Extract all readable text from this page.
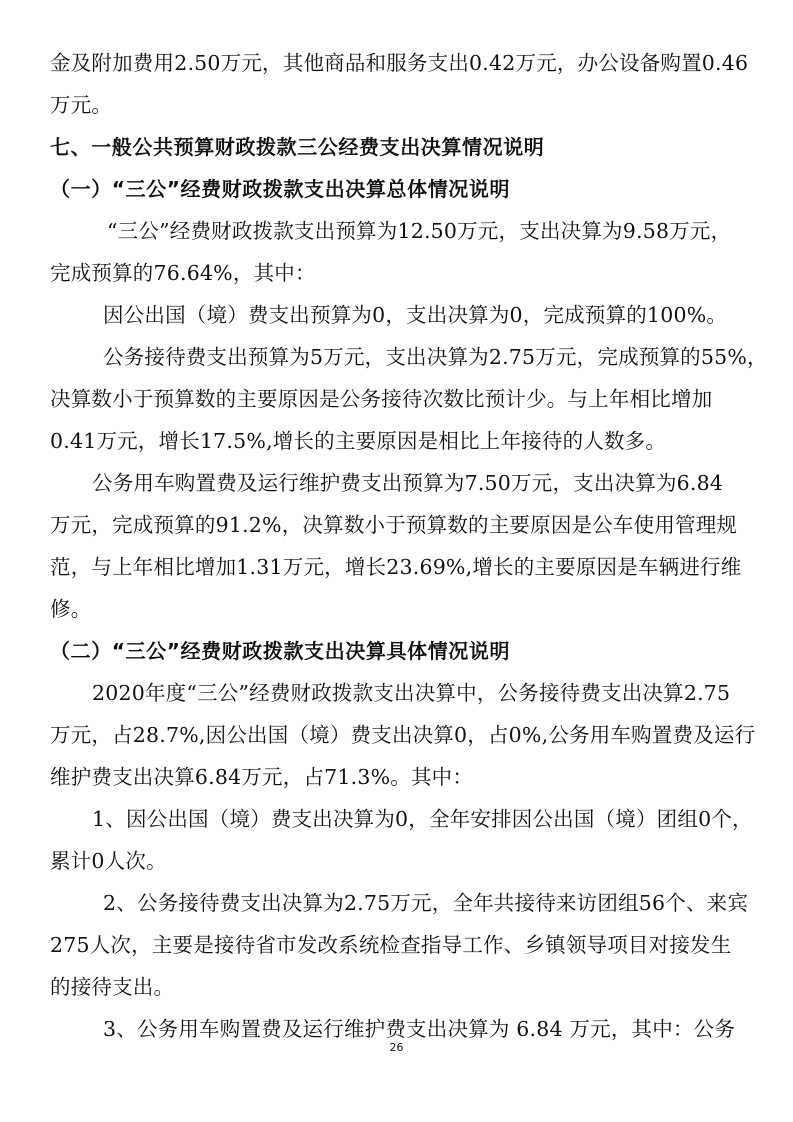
金及附加费用2.50万元，其他商品和服务支出0.42万元，办公设备购置0.46
万元。
七、一般公共预算财政拨款三公经费支出决算情况说明
（一）“三公”经费财政拨款支出决算总体情况说明
“三公”经费财政拨款支出预算为12.50万元，支出决算为9.58万元，
完成预算的76.64%，其中：
因公出国（境）费支出预算为0，支出决算为0，完成预算的100%。
公务接待费支出预算为5万元，支出决算为2.75万元，完成预算的55%，
决算数小于预算数的主要原因是公务接待次数比预计少。与上年相比增加
0.41万元，增长17.5%,增长的主要原因是相比上年接待的人数多。
公务用车购置费及运行维护费支出预算为7.50万元，支出决算为6.84
万元，完成预算的91.2%，决算数小于预算数的主要原因是公车使用管理规
范，与上年相比增加1.31万元，增长23.69%,增长的主要原因是车辆进行维
修。
（二）“三公”经费财政拨款支出决算具体情况说明
2020年度“三公”经费财政拨款支出决算中，公务接待费支出决算2.75
万元，占28.7%,因公出国（境）费支出决算0，占0%,公务用车购置费及运行
维护费支出决算6.84万元，占71.3%。其中：
1、因公出国（境）费支出决算为0，全年安排因公出国（境）团组0个，
累计0人次。
2、公务接待费支出决算为2.75万元，全年共接待来访团组56个、来宾
275人次，主要是接待省市发改系统检查指导工作、乡镇领导项目对接发生
的接待支出。
3、公务用车购置费及运行维护费支出决算为 6.84 万元，其中：公务
26
